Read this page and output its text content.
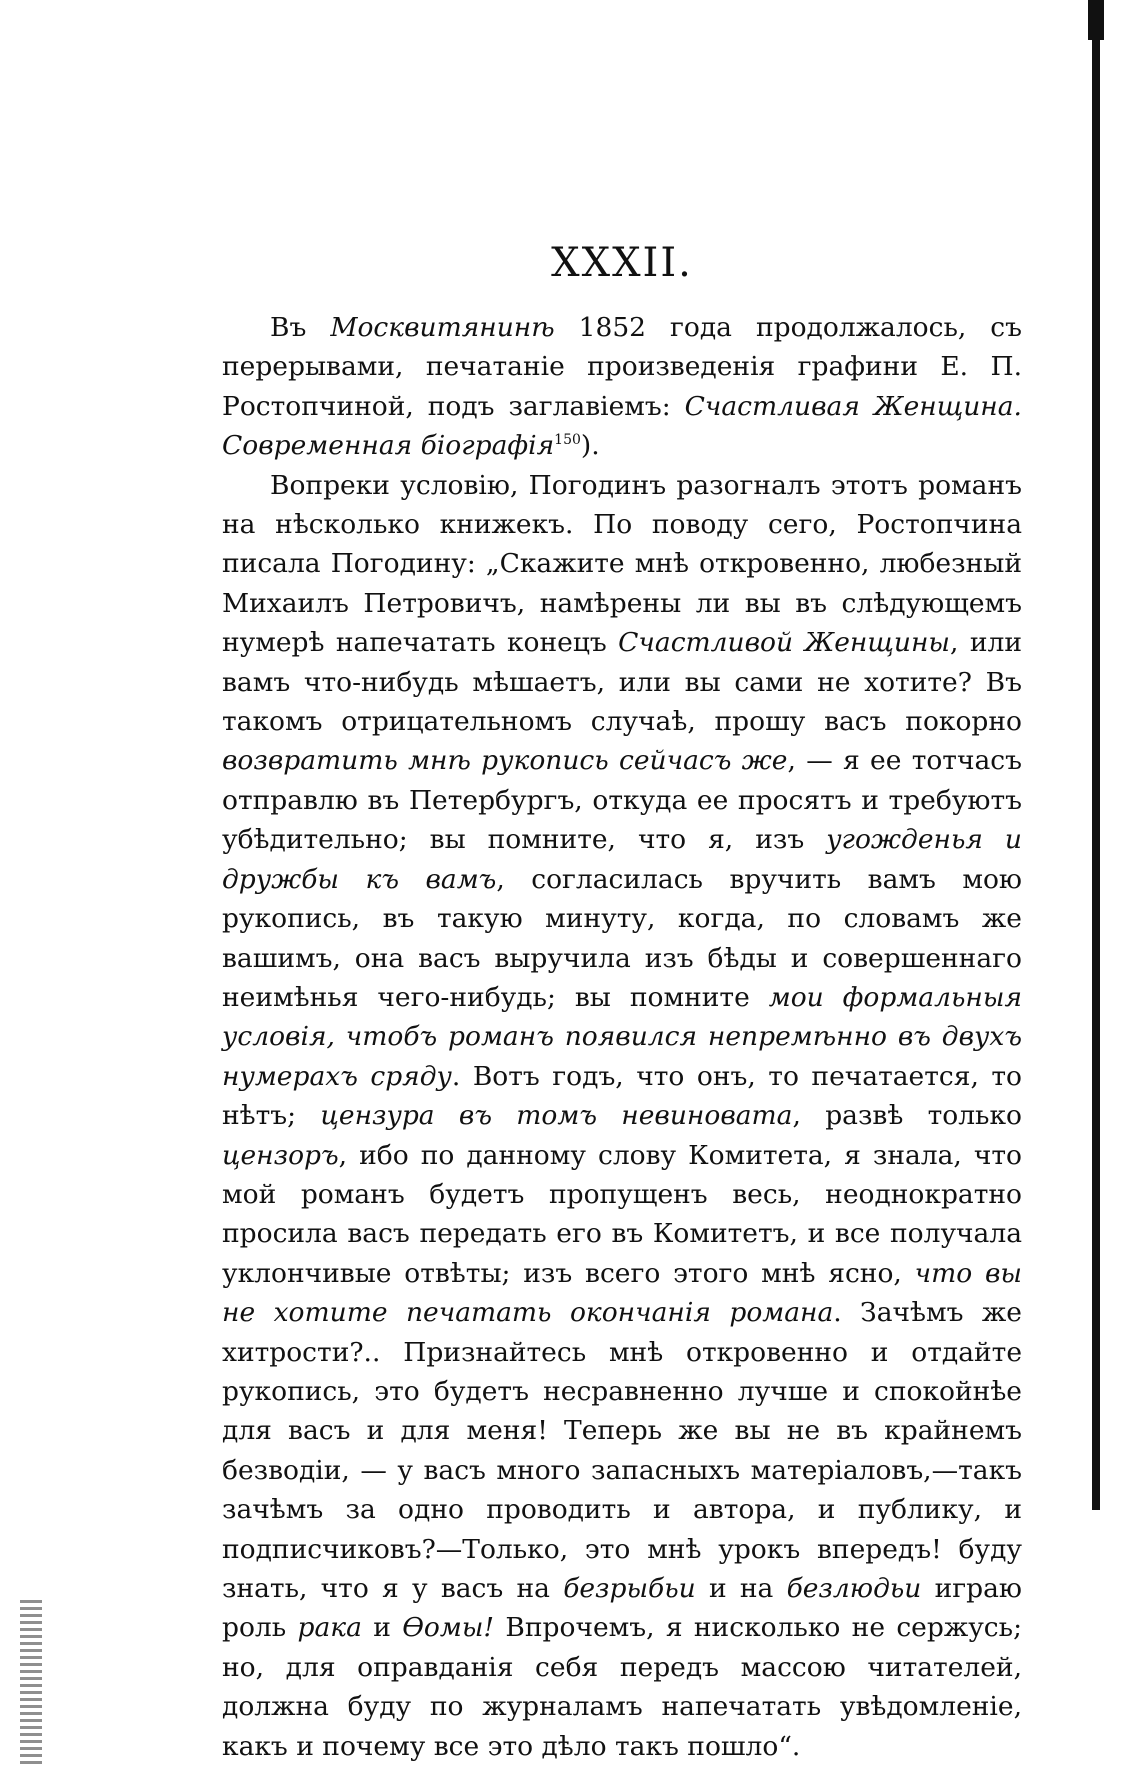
XXXII.

Въ Москвитянинѣ 1852 года продолжалось, съ перерывами, печатаніе произведенія графини Е. П. Ростопчиной, подъ заглавіемъ: Счастливая Женщина. Современная біографія$^{150}$).

Вопреки условію, Погодинъ разогналъ этотъ романъ на нѣсколько книжекъ. По поводу сего, Ростопчина писала Погодину: „Скажите мнѣ откровенно, любезный Михаилъ Петровичъ, намѣрены ли вы въ слѣдующемъ нумерѣ напечатать конецъ Счастливой Женщины, или вамъ что-нибудь мѣшаетъ, или вы сами не хотите? Въ такомъ отрицательномъ случаѣ, прошу васъ покорно возвратить мнѣ рукопись сейчасъ же, — я ее тотчасъ отправлю въ Петербургъ, откуда ее просятъ и требуютъ убѣдительно; вы помните, что я, изъ угожденья и дружбы къ вамъ, согласилась вручить вамъ мою рукопись, въ такую минуту, когда, по словамъ же вашимъ, она васъ выручила изъ бѣды и совершеннаго неимѣнья чего-нибудь; вы помните мои формальныя условія, чтобъ романъ появился непремѣнно въ двухъ нумерахъ сряду. Вотъ годъ, что онъ, то печатается, то нѣтъ; цензура въ томъ невиновата, развѣ только цензоръ, ибо по данному слову Комитета, я знала, что мой романъ будетъ пропущенъ весь, неоднократно просила васъ передать его въ Комитетъ, и все получала уклончивые отвѣты; изъ всего этого мнѣ ясно, что вы не хотите печатать окончанія романа. Зачѣмъ же хитрости?.. Признайтесь мнѣ откровенно и отдайте рукопись, это будетъ несравненно лучше и спокойнѣе для васъ и для меня! Теперь же вы не въ крайнемъ безводіи, — у васъ много запасныхъ матеріаловъ,—такъ зачѣмъ за одно проводить и автора, и публику, и подписчиковъ?—Только, это мнѣ урокъ впередъ! буду знать, что я у васъ на безрыбьи и на безлюдьи играю роль рака и Ѳомы! Впрочемъ, я нисколько не сержусь; но, для оправданія себя передъ массою читателей, должна буду по журналамъ напечатать увѣдомленіе, какъ и почему все это дѣло такъ пошло“.
